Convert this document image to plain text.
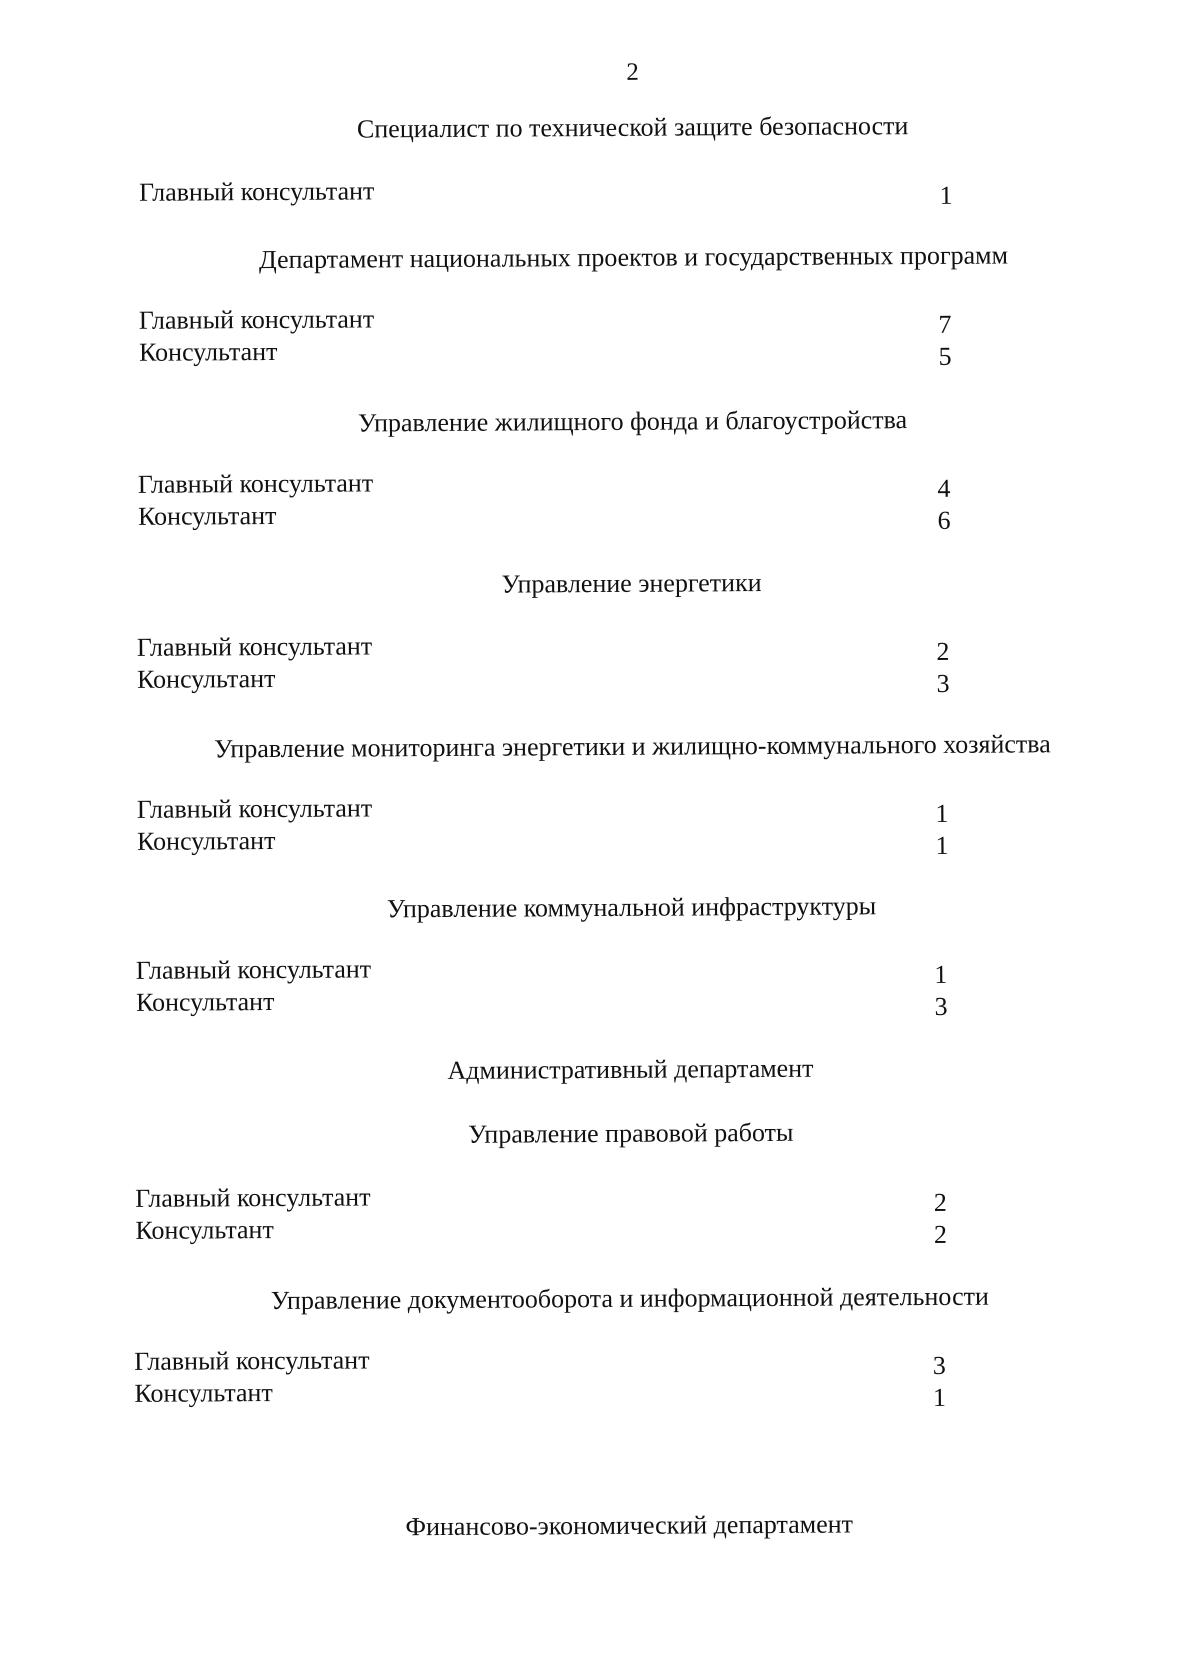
2
Специалист по технической защите безопасности
Главный консультант	1
Департамент национальных проектов и государственных программ
Главный консультант	7
Консультант	5
Управление жилищного фонда и благоустройства
Главный консультант	4
Консультант	6
Управление энергетики
Главный консультант	2
Консультант	3
Управление мониторинга энергетики и жилищно-коммунального хозяйства
Главный консультант	1
Консультант	1
Управление коммунальной инфраструктуры
Главный консультант	1
Консультант	3
Административный департамент
Управление правовой работы
Главный консультант	2
Консультант	2
Управление документооборота и информационной деятельности
Главный консультант	3
Консультант	1
Финансово-экономический департамент
